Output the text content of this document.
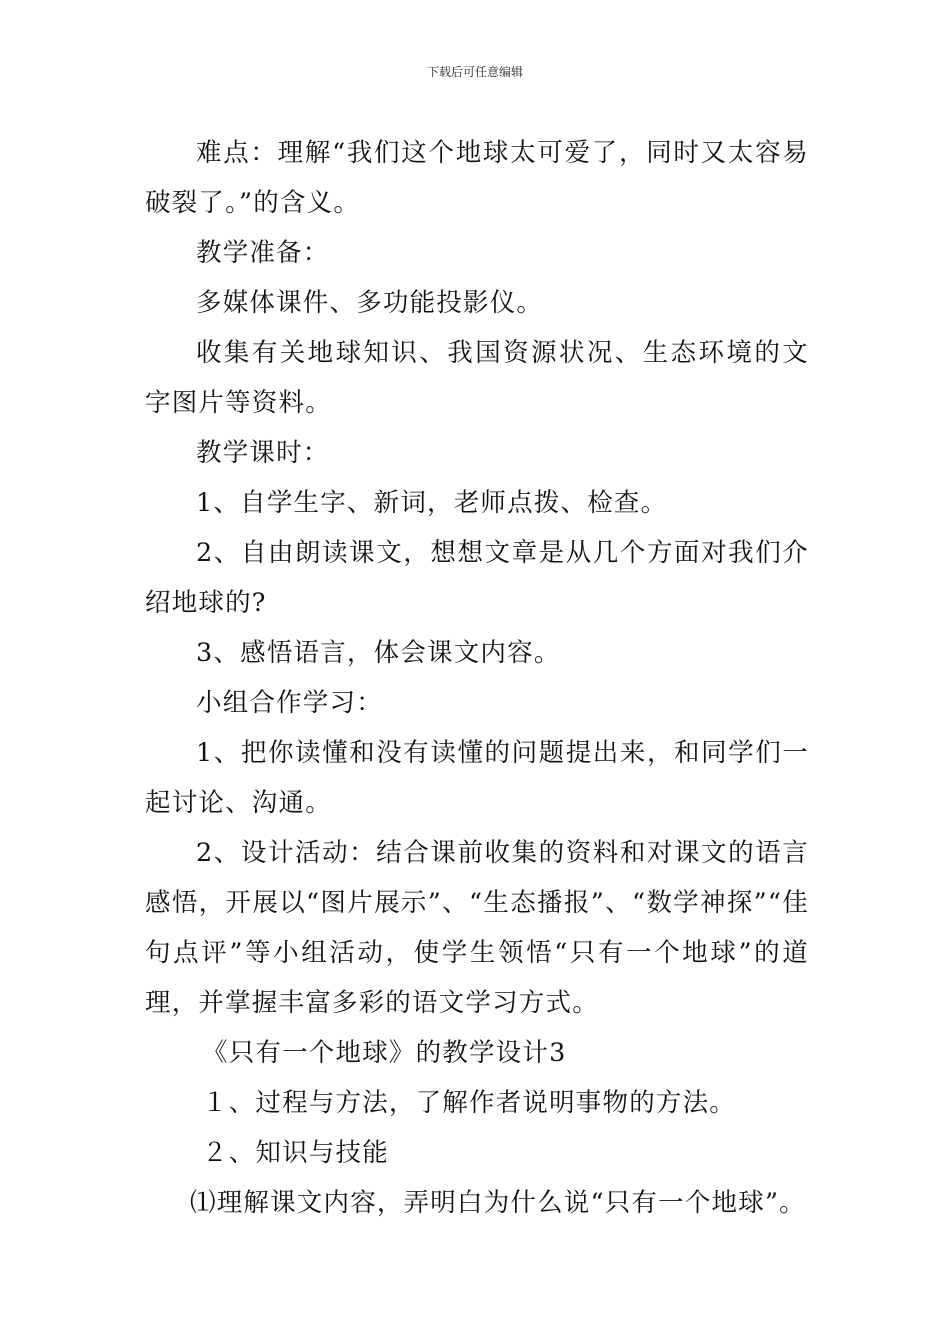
下载后可任意编辑

难点：理解“我们这个地球太可爱了，同时又太容易破裂了。”的含义。

教学准备：

多媒体课件、多功能投影仪。

收集有关地球知识、我国资源状况、生态环境的文字图片等资料。

教学课时：

1、自学生字、新词，老师点拨、检查。

2、自由朗读课文，想想文章是从几个方面对我们介绍地球的?

3、感悟语言，体会课文内容。

小组合作学习：

1、把你读懂和没有读懂的问题提出来，和同学们一起讨论、沟通。

2、设计活动：结合课前收集的资料和对课文的语言感悟，开展以“图片展示”、“生态播报”、“数学神探”“佳句点评”等小组活动，使学生领悟“只有一个地球”的道理，并掌握丰富多彩的语文学习方式。

《只有一个地球》的教学设计3

１、过程与方法，了解作者说明事物的方法。

２、知识与技能

⑴理解课文内容，弄明白为什么说“只有一个地球”。
